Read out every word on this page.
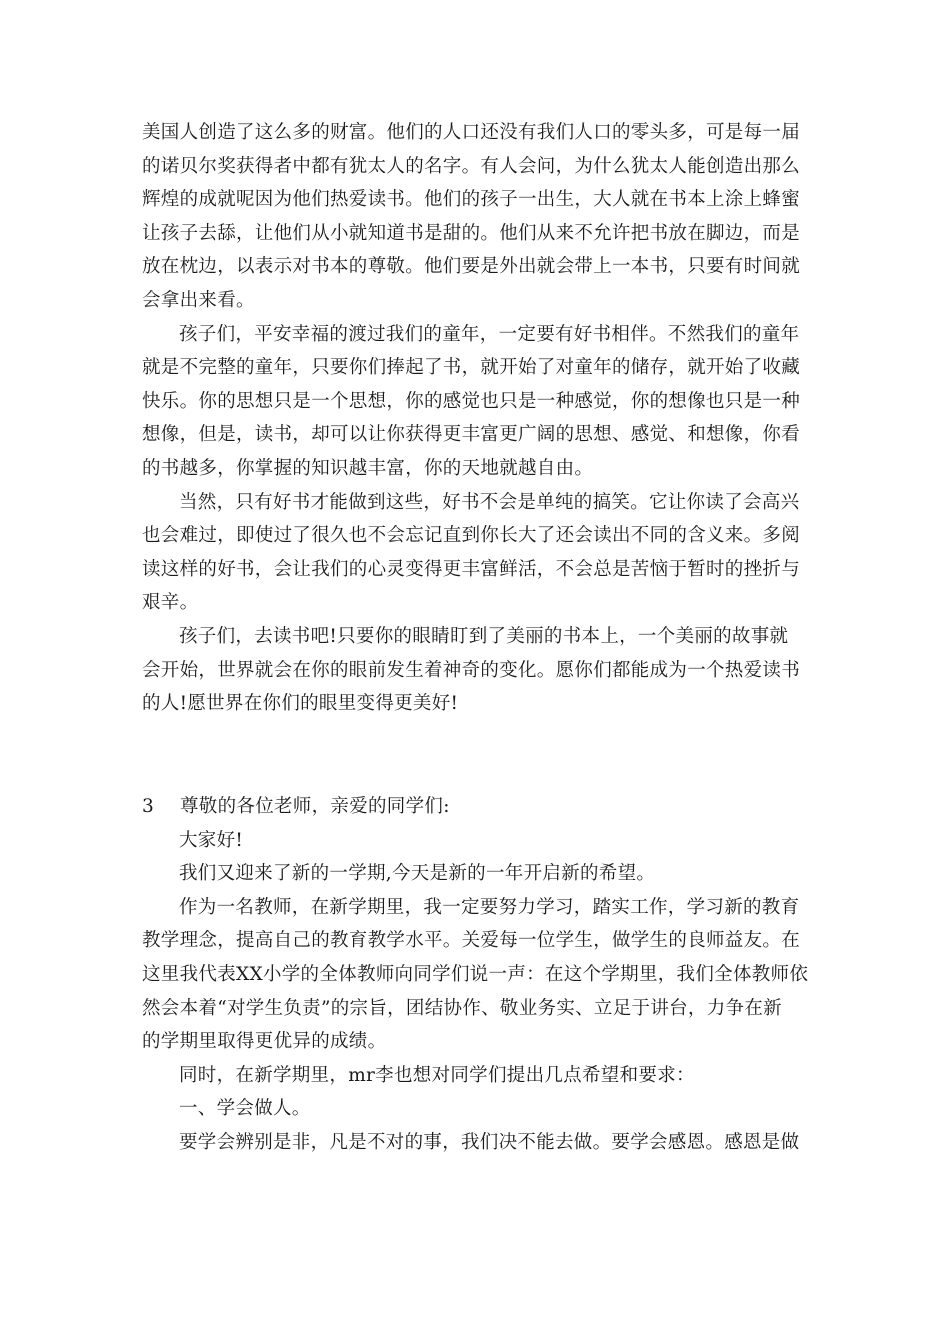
美国人创造了这么多的财富。他们的人口还没有我们人口的零头多，可是每一届
的诺贝尔奖获得者中都有犹太人的名字。有人会问，为什么犹太人能创造出那么
辉煌的成就呢因为他们热爱读书。他们的孩子一出生，大人就在书本上涂上蜂蜜
让孩子去舔，让他们从小就知道书是甜的。他们从来不允许把书放在脚边，而是
放在枕边，以表示对书本的尊敬。他们要是外出就会带上一本书，只要有时间就
会拿出来看。

孩子们，平安幸福的渡过我们的童年，一定要有好书相伴。不然我们的童年
就是不完整的童年，只要你们捧起了书，就开始了对童年的储存，就开始了收藏
快乐。你的思想只是一个思想，你的感觉也只是一种感觉，你的想像也只是一种
想像，但是，读书，却可以让你获得更丰富更广阔的思想、感觉、和想像，你看
的书越多，你掌握的知识越丰富，你的天地就越自由。

当然，只有好书才能做到这些，好书不会是单纯的搞笑。它让你读了会高兴
也会难过，即使过了很久也不会忘记直到你长大了还会读出不同的含义来。多阅
读这样的好书，会让我们的心灵变得更丰富鲜活，不会总是苦恼于暂时的挫折与
艰辛。

孩子们，去读书吧!只要你的眼睛盯到了美丽的书本上，一个美丽的故事就
会开始，世界就会在你的眼前发生着神奇的变化。愿你们都能成为一个热爱读书
的人!愿世界在你们的眼里变得更美好!

3 尊敬的各位老师，亲爱的同学们:

大家好!

我们又迎来了新的一学期,今天是新的一年开启新的希望。

作为一名教师，在新学期里，我一定要努力学习，踏实工作，学习新的教育
教学理念，提高自己的教育教学水平。关爱每一位学生，做学生的良师益友。在
这里我代表XX小学的全体教师向同学们说一声：在这个学期里，我们全体教师依
然会本着“对学生负责”的宗旨，团结协作、敬业务实、立足于讲台，力争在新
的学期里取得更优异的成绩。

同时，在新学期里，mr李也想对同学们提出几点希望和要求：

一、学会做人。

要学会辨别是非，凡是不对的事，我们决不能去做。要学会感恩。感恩是做
